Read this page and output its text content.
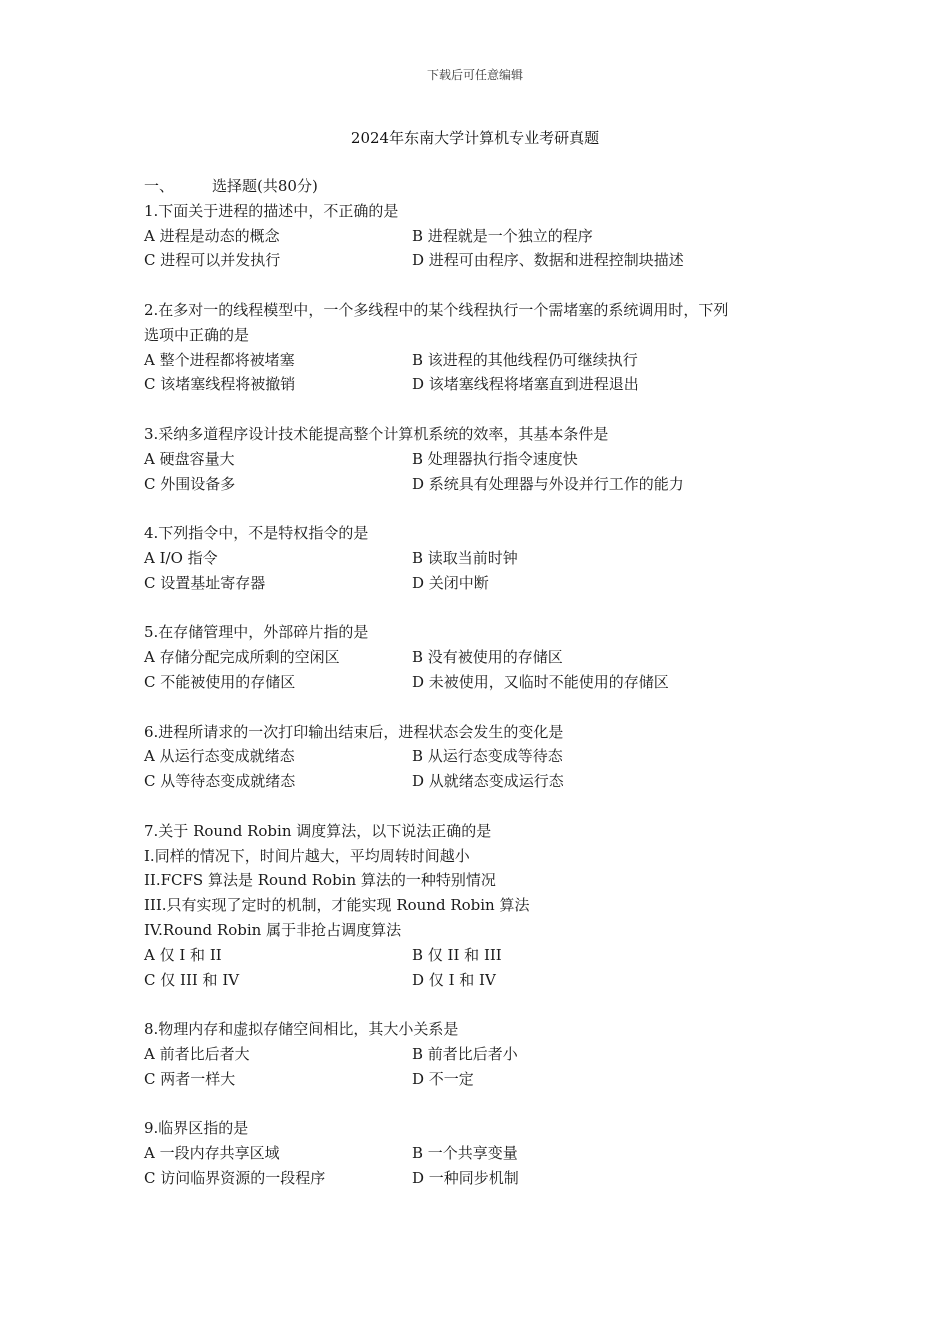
下载后可任意编辑
2024年东南大学计算机专业考研真题
一、	选择题(共80分)
1.下面关于进程的描述中，不正确的是
A 进程是动态的概念	B 进程就是一个独立的程序
C 进程可以并发执行	D 进程可由程序、数据和进程控制块描述
2.在多对一的线程模型中，一个多线程中的某个线程执行一个需堵塞的系统调用时，下列
选项中正确的是
A 整个进程都将被堵塞	B 该进程的其他线程仍可继续执行
C 该堵塞线程将被撤销	D 该堵塞线程将堵塞直到进程退出
3.采纳多道程序设计技术能提高整个计算机系统的效率，其基本条件是
A 硬盘容量大	B 处理器执行指令速度快
C 外围设备多	D 系统具有处理器与外设并行工作的能力
4.下列指令中，不是特权指令的是
A I/O 指令	B 读取当前时钟
C 设置基址寄存器	D 关闭中断
5.在存储管理中，外部碎片指的是
A 存储分配完成所剩的空闲区	B 没有被使用的存储区
C 不能被使用的存储区	D 未被使用，又临时不能使用的存储区
6.进程所请求的一次打印输出结束后，进程状态会发生的变化是
A 从运行态变成就绪态	B 从运行态变成等待态
C 从等待态变成就绪态	D 从就绪态变成运行态
7.关于 Round Robin 调度算法，以下说法正确的是
I.同样的情况下，时间片越大，平均周转时间越小
II.FCFS 算法是 Round Robin 算法的一种特别情况
III.只有实现了定时的机制，才能实现 Round Robin 算法
IV.Round Robin 属于非抢占调度算法
A 仅 I 和 II	B 仅 II 和 III
C 仅 III 和 IV	D 仅 I 和 IV
8.物理内存和虚拟存储空间相比，其大小关系是
A 前者比后者大	B 前者比后者小
C 两者一样大	D 不一定
9.临界区指的是
A 一段内存共享区域	B 一个共享变量
C 访问临界资源的一段程序	D 一种同步机制
